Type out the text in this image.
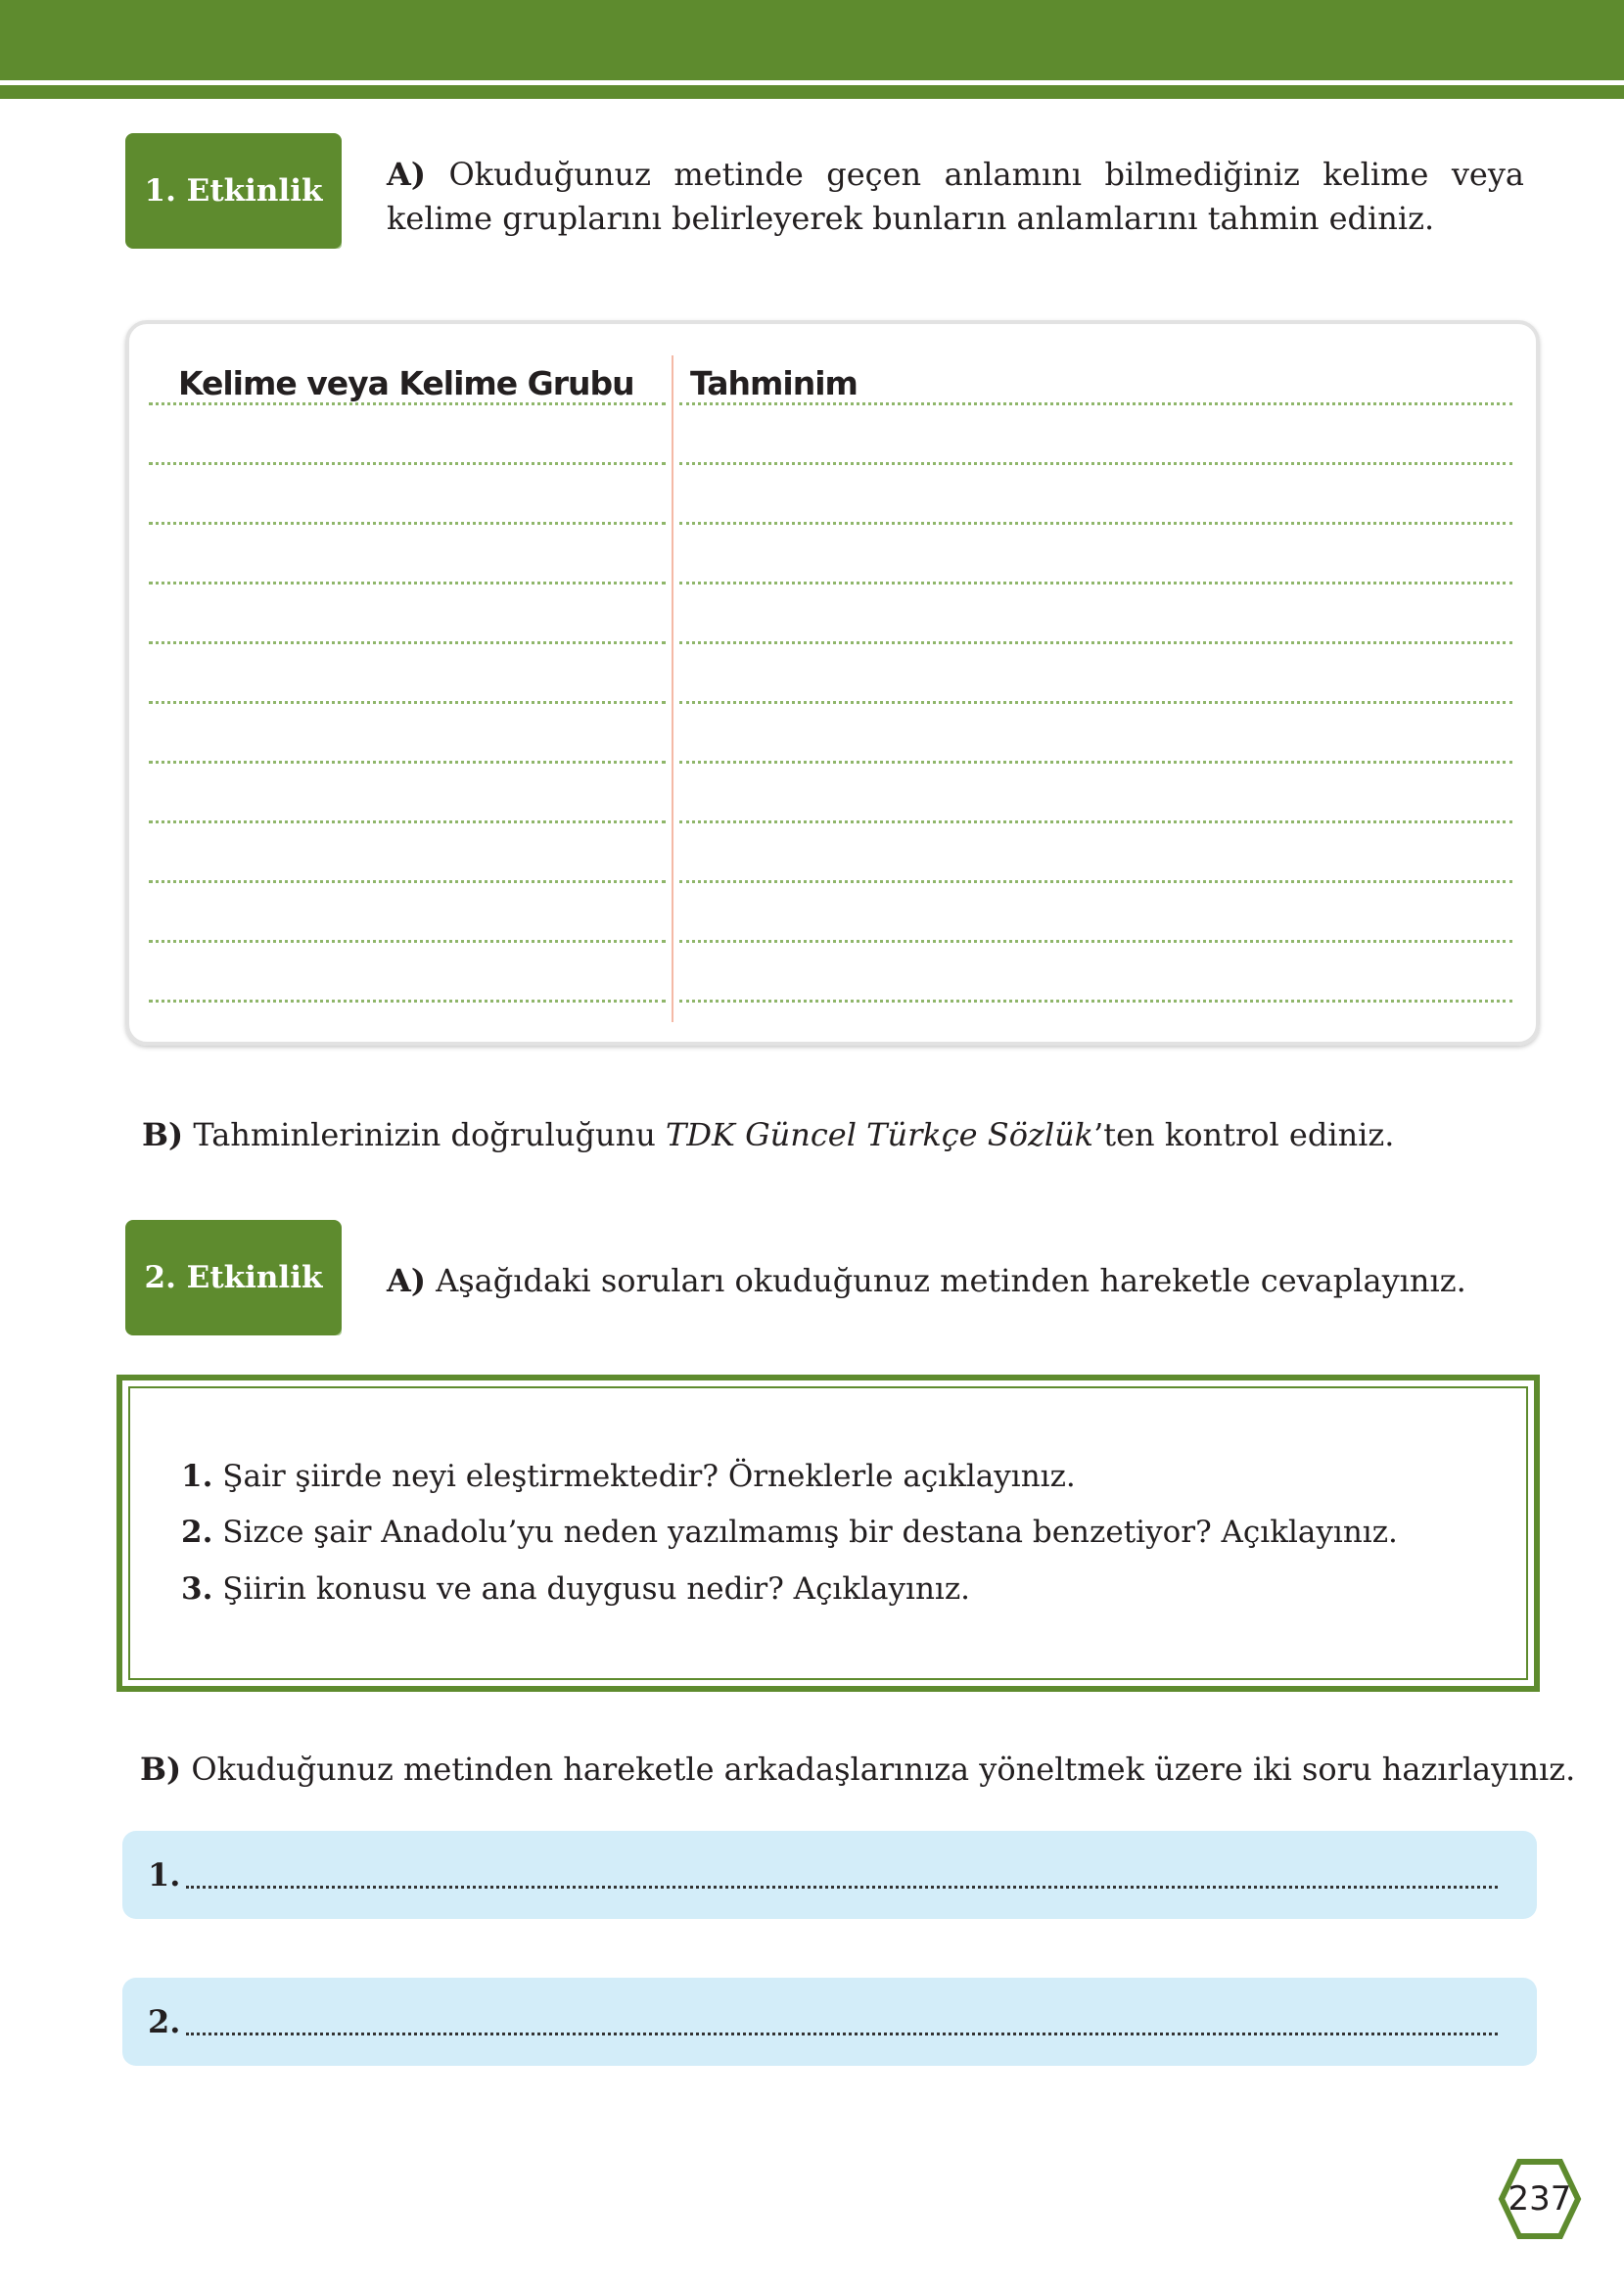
1. Etkinlik	A) Okuduğunuz metinde geçen anlamını bilmediğiniz kelime veya kelime gruplarını belirleyerek bunların anlamlarını tahmin ediniz.
Kelime veya Kelime Grubu Tahminim
B) Tahminlerinizin doğruluğunu TDK Güncel Türkçe Sözlük’ten kontrol ediniz.
2. Etkinlik	A) Aşağıdaki soruları okuduğunuz metinden hareketle cevaplayınız.
1. Şair şiirde neyi eleştirmektedir? Örneklerle açıklayınız.
2. Sizce şair Anadolu’yu neden yazılmamış bir destana benzetiyor? Açıklayınız.
3. Şiirin konusu ve ana duygusu nedir? Açıklayınız.
B) Okuduğunuz metinden hareketle arkadaşlarınıza yöneltmek üzere iki soru hazırlayınız.
1.
2.
237
